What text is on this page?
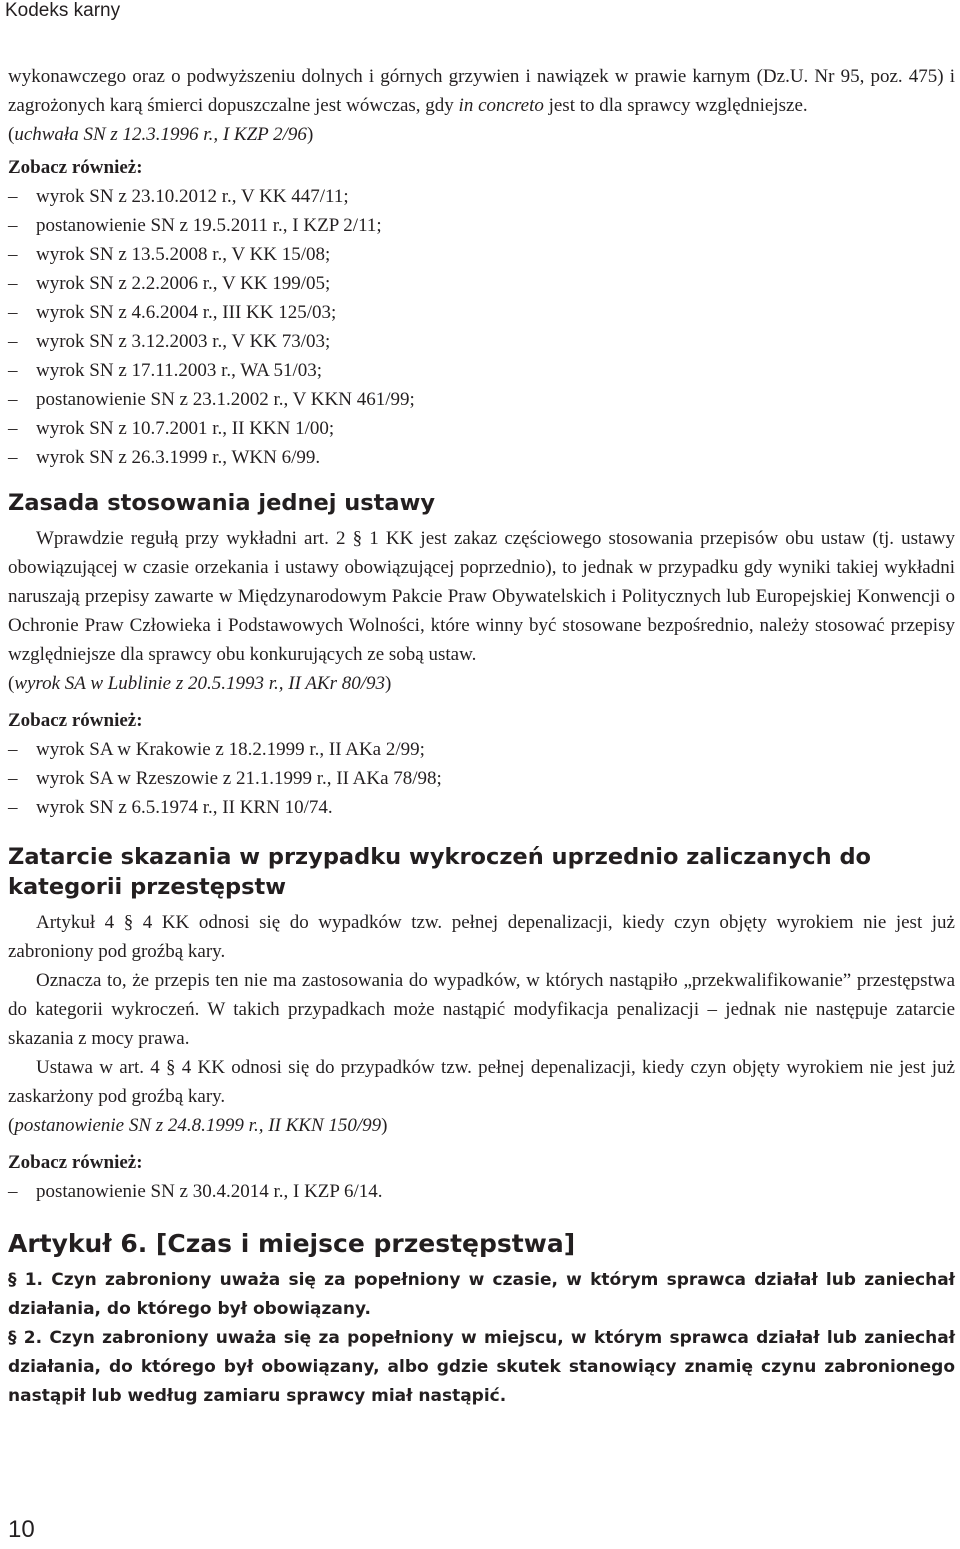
Kodeks karny

wykonawczego oraz o podwyższeniu dolnych i górnych grzywien i nawiązek w prawie karnym (Dz.U. Nr 95, poz. 475) i zagrożonych karą śmierci dopuszczalne jest wówczas, gdy in concreto jest to dla sprawcy względniejsze.

(uchwała SN z 12.3.1996 r., I KZP 2/96)

Zobacz również:
– wyrok SN z 23.10.2012 r., V KK 447/11;
– postanowienie SN z 19.5.2011 r., I KZP 2/11;
– wyrok SN z 13.5.2008 r., V KK 15/08;
– wyrok SN z 2.2.2006 r., V KK 199/05;
– wyrok SN z 4.6.2004 r., III KK 125/03;
– wyrok SN z 3.12.2003 r., V KK 73/03;
– wyrok SN z 17.11.2003 r., WA 51/03;
– postanowienie SN z 23.1.2002 r., V KKN 461/99;
– wyrok SN z 10.7.2001 r., II KKN 1/00;
– wyrok SN z 26.3.1999 r., WKN 6/99.
Zasada stosowania jednej ustawy

Wprawdzie regułą przy wykładni art. 2 § 1 KK jest zakaz częściowego stosowania przepisów obu ustaw (tj. ustawy obowiązującej w czasie orzekania i ustawy obowiązującej poprzednio), to jednak w przypadku gdy wyniki takiej wykładni naruszają przepisy zawarte w Międzynarodowym Pakcie Praw Obywatelskich i Politycznych lub Europejskiej Konwencji o Ochronie Praw Człowieka i Podstawowych Wolności, które winny być stosowane bezpośrednio, należy stosować przepisy względniejsze dla sprawcy obu konkurujących ze sobą ustaw.

(wyrok SA w Lublinie z 20.5.1993 r., II AKr 80/93)

Zobacz również:
– wyrok SA w Krakowie z 18.2.1999 r., II AKa 2/99;
– wyrok SA w Rzeszowie z 21.1.1999 r., II AKa 78/98;
– wyrok SN z 6.5.1974 r., II KRN 10/74.
Zatarcie skazania w przypadku wykroczeń uprzednio zaliczanych do kategorii przestępstw

Artykuł 4 § 4 KK odnosi się do wypadków tzw. pełnej depenalizacji, kiedy czyn objęty wyrokiem nie jest już zabroniony pod groźbą kary.

Oznacza to, że przepis ten nie ma zastosowania do wypadków, w których nastąpiło „przekwalifikowanie” przestępstwa do kategorii wykroczeń. W takich przypadkach może nastąpić modyfikacja penalizacji – jednak nie następuje zatarcie skazania z mocy prawa.

Ustawa w art. 4 § 4 KK odnosi się do przypadków tzw. pełnej depenalizacji, kiedy czyn objęty wyrokiem nie jest już zaskarżony pod groźbą kary.

(postanowienie SN z 24.8.1999 r., II KKN 150/99)

Zobacz również:
– postanowienie SN z 30.4.2014 r., I KZP 6/14.
Artykuł 6. [Czas i miejsce przestępstwa]

§ 1. Czyn zabroniony uważa się za popełniony w czasie, w którym sprawca działał lub zaniechał działania, do którego był obowiązany.

§ 2. Czyn zabroniony uważa się za popełniony w miejscu, w którym sprawca działał lub zaniechał działania, do którego był obowiązany, albo gdzie skutek stanowiący znamię czynu zabronionego nastąpił lub według zamiaru sprawcy miał nastąpić.

10
